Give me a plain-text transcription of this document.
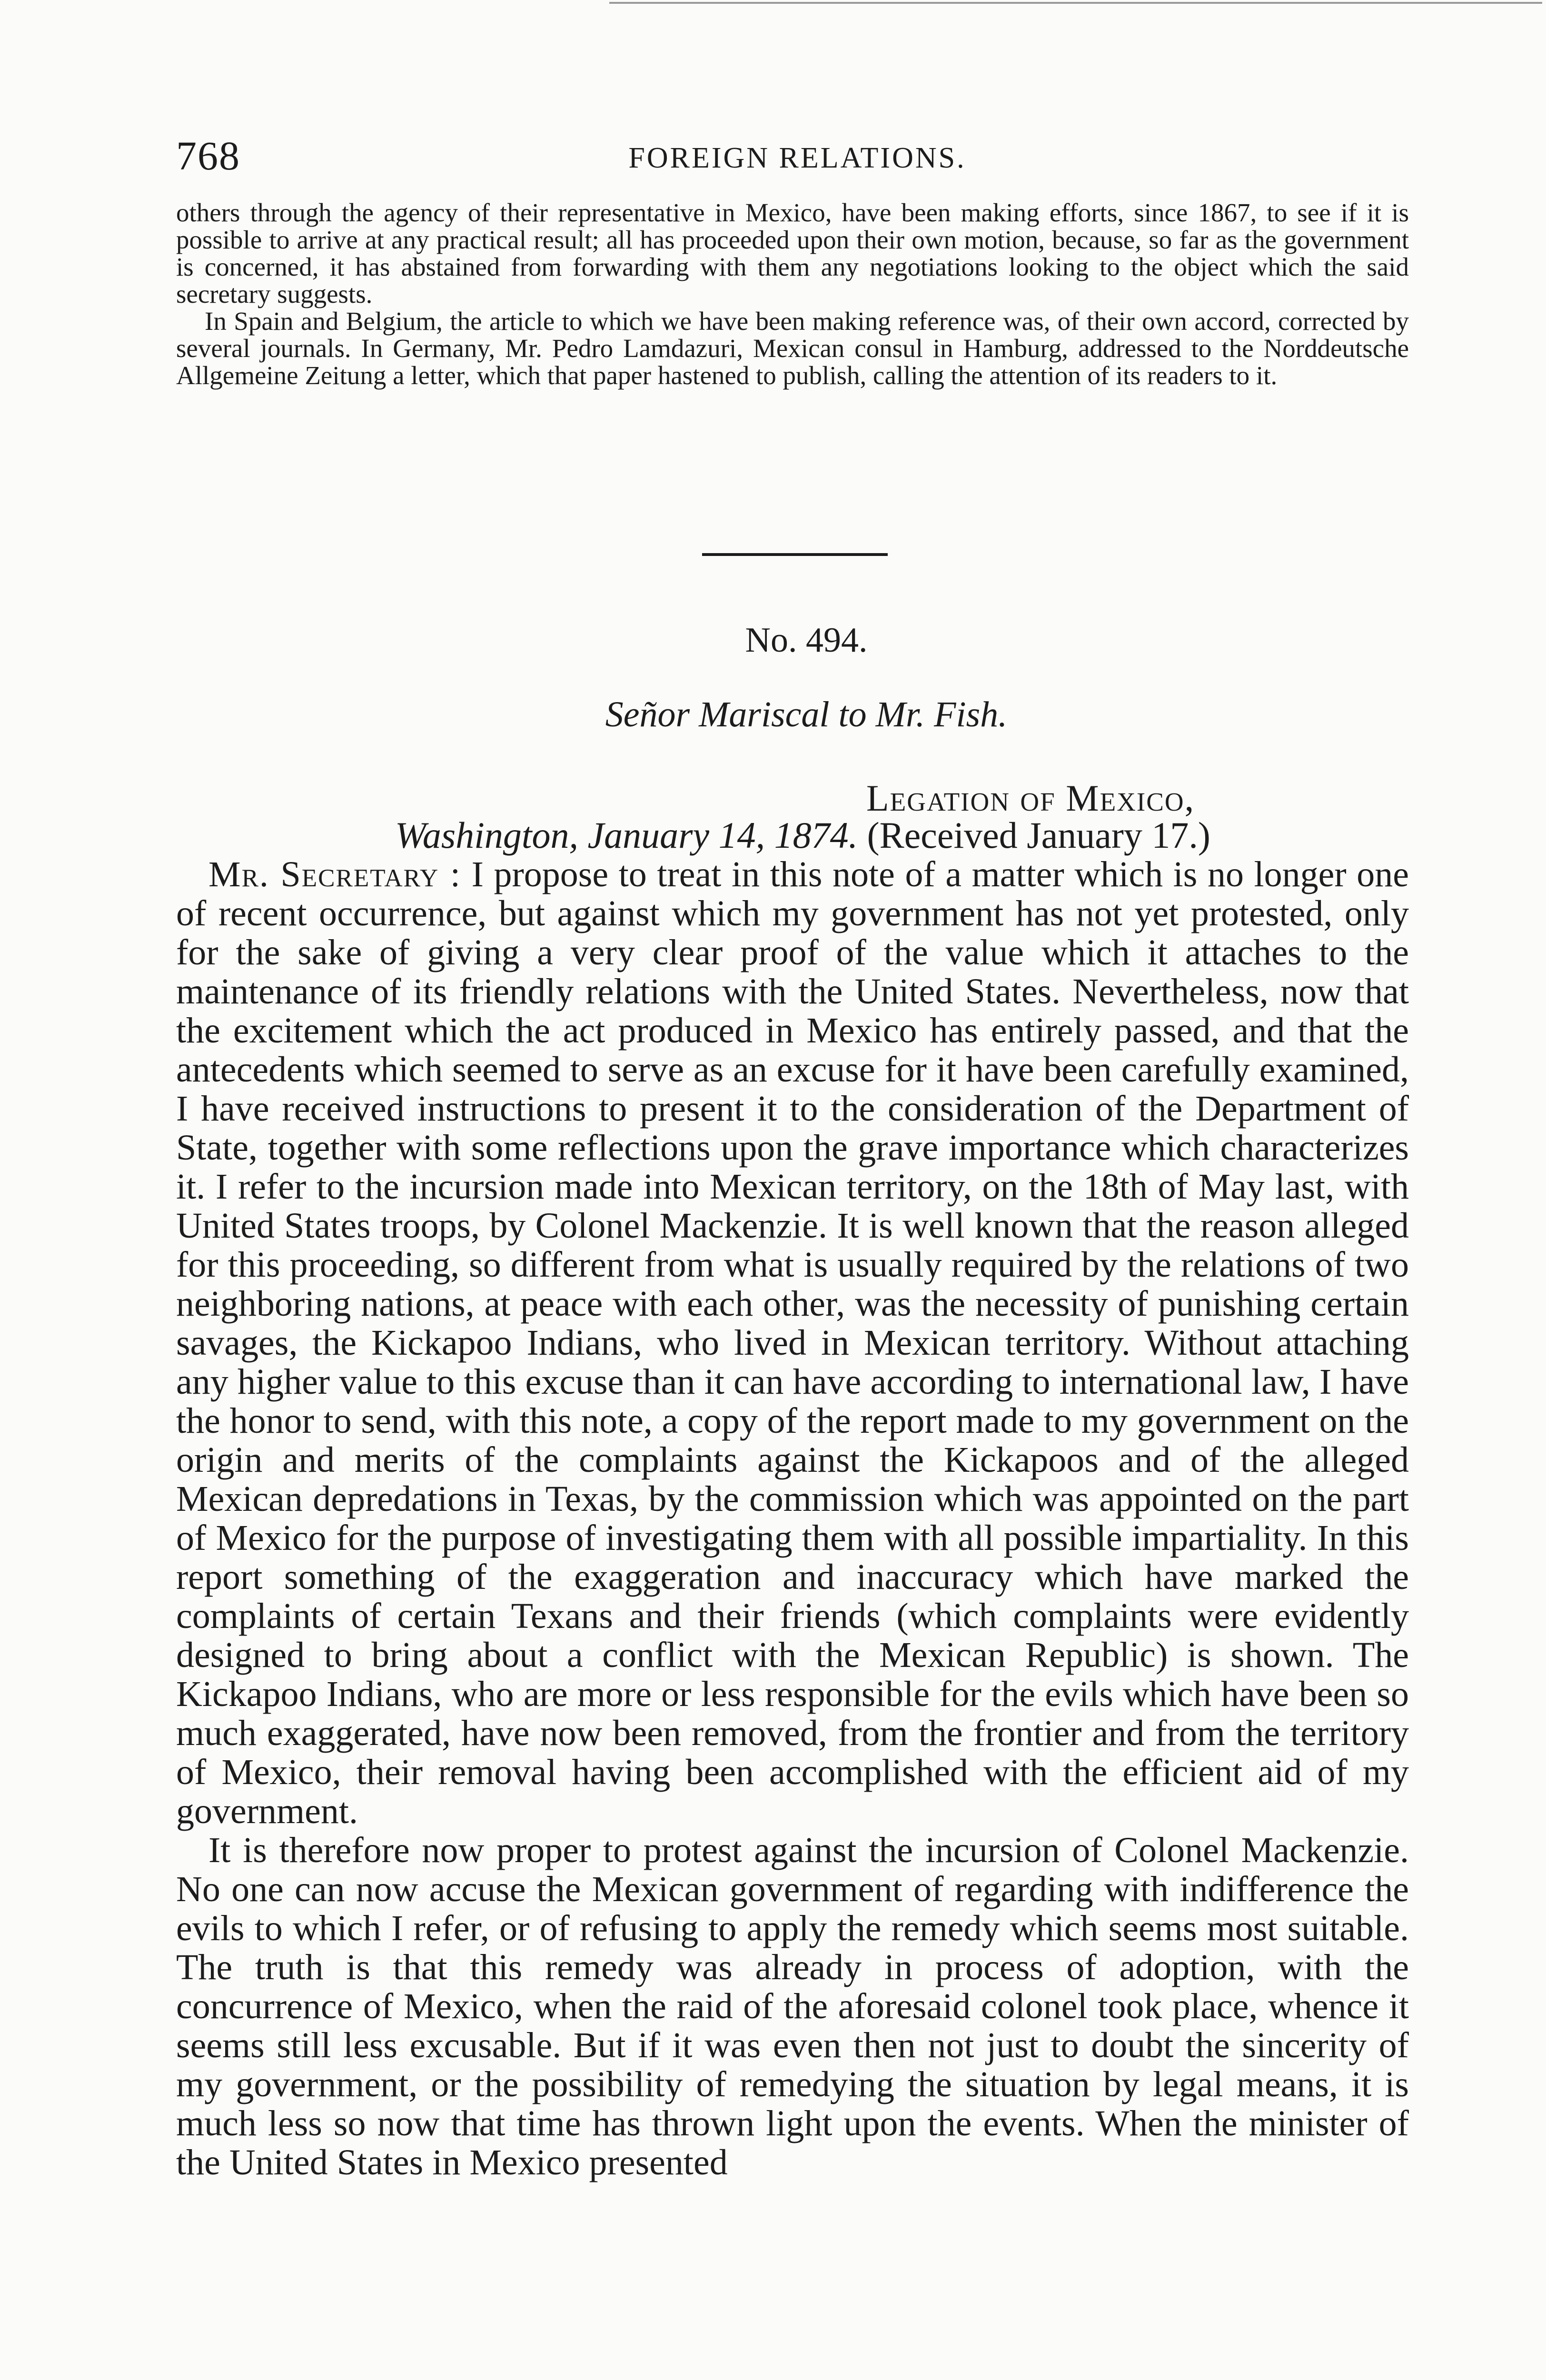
768	FOREIGN RELATIONS.

others through the agency of their representative in Mexico, have been making efforts, since 1867, to see if it is possible to arrive at any practical result; all has proceeded upon their own motion, because, so far as the government is concerned, it has abstained from forwarding with them any negotiations looking to the object which the said secretary suggests.

In Spain and Belgium, the article to which we have been making reference was, of their own accord, corrected by several journals. In Germany, Mr. Pedro Lamdazuri, Mexican consul in Hamburg, addressed to the Norddeutsche Allgemeine Zeitung a letter, which that paper hastened to publish, calling the attention of its readers to it.

No. 494.
Señor Mariscal to Mr. Fish.
Legation of Mexico,
Washington, January 14, 1874. (Received January 17.)

Mr. Secretary : I propose to treat in this note of a matter which is no longer one of recent occurrence, but against which my government has not yet protested, only for the sake of giving a very clear proof of the value which it attaches to the maintenance of its friendly relations with the United States. Nevertheless, now that the excitement which the act produced in Mexico has entirely passed, and that the antecedents which seemed to serve as an excuse for it have been carefully examined, I have received instructions to present it to the consideration of the Department of State, together with some reflections upon the grave importance which characterizes it. I refer to the incursion made into Mexican territory, on the 18th of May last, with United States troops, by Colonel Mackenzie. It is well known that the reason alleged for this proceeding, so different from what is usually required by the relations of two neighboring nations, at peace with each other, was the necessity of punishing certain savages, the Kickapoo Indians, who lived in Mexican territory. Without attaching any higher value to this excuse than it can have according to international law, I have the honor to send, with this note, a copy of the report made to my government on the origin and merits of the complaints against the Kickapoos and of the alleged Mexican depredations in Texas, by the commission which was appointed on the part of Mexico for the purpose of investigating them with all possible impartiality. In this report something of the exaggeration and inaccuracy which have marked the complaints of certain Texans and their friends (which complaints were evidently designed to bring about a conflict with the Mexican Republic) is shown. The Kickapoo Indians, who are more or less responsible for the evils which have been so much exaggerated, have now been removed, from the frontier and from the territory of Mexico, their removal having been accomplished with the efficient aid of my government.

It is therefore now proper to protest against the incursion of Colonel Mackenzie. No one can now accuse the Mexican government of regarding with indifference the evils to which I refer, or of refusing to apply the remedy which seems most suitable. The truth is that this remedy was already in process of adoption, with the concurrence of Mexico, when the raid of the aforesaid colonel took place, whence it seems still less excusable. But if it was even then not just to doubt the sincerity of my government, or the possibility of remedying the situation by legal means, it is much less so now that time has thrown light upon the events. When the minister of the United States in Mexico presented
